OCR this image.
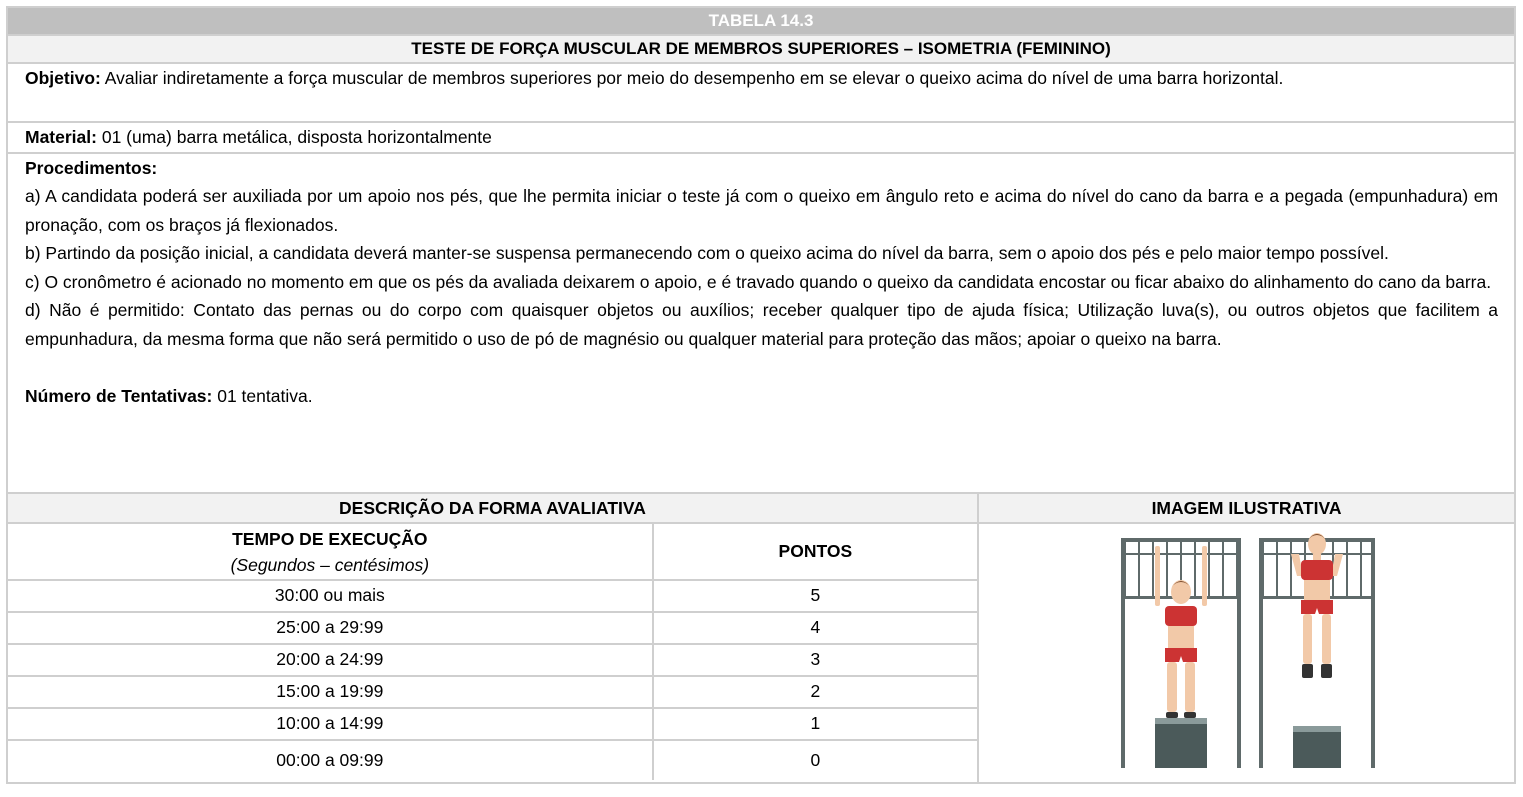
TABELA 14.3
TESTE DE FORÇA MUSCULAR DE MEMBROS SUPERIORES – ISOMETRIA (FEMININO)

Objetivo: Avaliar indiretamente a força muscular de membros superiores por meio do desempenho em se elevar o queixo acima do nível de uma barra horizontal.

Material: 01 (uma) barra metálica, disposta horizontalmente

Procedimentos:

a) A candidata poderá ser auxiliada por um apoio nos pés, que lhe permita iniciar o teste já com o queixo em ângulo reto e acima do nível do cano da barra e a pegada (empunhadura) em pronação, com os braços já flexionados.

b) Partindo da posição inicial, a candidata deverá manter-se suspensa permanecendo com o queixo acima do nível da barra, sem o apoio dos pés e pelo maior tempo possível.

c) O cronômetro é acionado no momento em que os pés da avaliada deixarem o apoio, e é travado quando o queixo da candidata encostar ou ficar abaixo do alinhamento do cano da barra.

d) Não é permitido: Contato das pernas ou do corpo com quaisquer objetos ou auxílios; receber qualquer tipo de ajuda física; Utilização luva(s), ou outros objetos que facilitem a empunhadura, da mesma forma que não será permitido o uso de pó de magnésio ou qualquer material para proteção das mãos; apoiar o queixo na barra.

Número de Tentativas: 01 tentativa.

DESCRIÇÃO DA FORMA AVALIATIVA	IMAGEM ILUSTRATIVA

TEMPO DE EXECUÇÃO
(Segundos – centésimos)
	PONTOS
30:00 ou mais	5
25:00 a 29:99	4
20:00 a 24:99	3
15:00 a 19:99	2
10:00 a 14:99	1
00:00 a 09:99	0
